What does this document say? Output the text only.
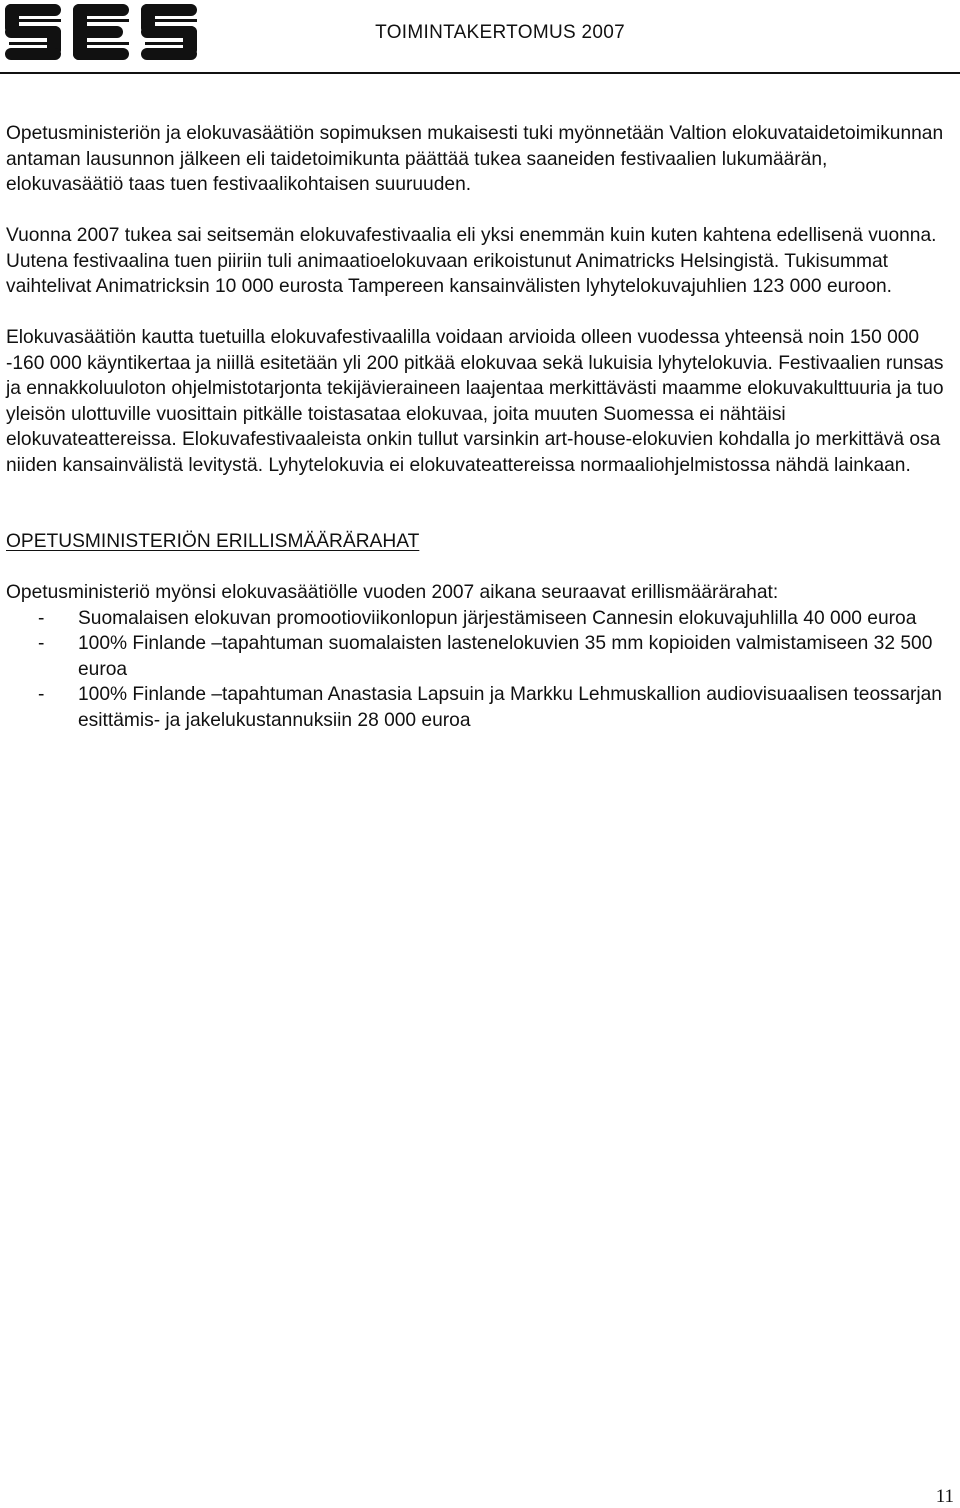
TOIMINTAKERTOMUS 2007

Opetusministeriön ja elokuvasäätiön sopimuksen mukaisesti tuki myönnetään Valtion elokuvataidetoimikunnan antaman lausunnon jälkeen eli taidetoimikunta päättää tukea saaneiden festivaalien lukumäärän, elokuvasäätiö taas tuen festivaalikohtaisen suuruuden.

Vuonna 2007 tukea sai seitsemän elokuvafestivaalia eli yksi enemmän kuin kuten kahtena edellisenä vuonna. Uutena festivaalina tuen piiriin tuli animaatioelokuvaan erikoistunut Animatricks Helsingistä. Tukisummat vaihtelivat Animatricksin 10 000 eurosta Tampereen kansainvälisten lyhytelokuvajuhlien 123 000 euroon.

Elokuvasäätiön kautta tuetuilla elokuvafestivaalilla voidaan arvioida olleen vuodessa yhteensä noin 150 000 -160 000 käyntikertaa ja niillä esitetään yli 200 pitkää elokuvaa sekä lukuisia lyhytelokuvia. Festivaalien runsas ja ennakkoluuloton ohjelmistotarjonta tekijävieraineen laajentaa merkittävästi maamme elokuvakulttuuria ja tuo yleisön ulottuville vuosittain pitkälle toistasataa elokuvaa, joita muuten Suomessa ei nähtäisi elokuvateattereissa. Elokuvafestivaaleista onkin tullut varsinkin art-house-elokuvien kohdalla jo merkittävä osa niiden kansainvälistä levitystä. Lyhytelokuvia ei elokuvateattereissa normaaliohjelmistossa nähdä lainkaan.

OPETUSMINISTERIÖN ERILLISMÄÄRÄRAHAT

Opetusministeriö myönsi elokuvasäätiölle vuoden 2007 aikana seuraavat erillismäärärahat:

- Suomalaisen elokuvan promootioviikonlopun järjestämiseen Cannesin elokuvajuhlilla 40 000 euroa
- 100% Finlande –tapahtuman suomalaisten lastenelokuvien 35 mm kopioiden valmistamiseen 32 500 euroa
- 100% Finlande –tapahtuman Anastasia Lapsuin ja Markku Lehmuskallion audiovisuaalisen teossarjan esittämis- ja jakelukustannuksiin 28 000 euroa
11
